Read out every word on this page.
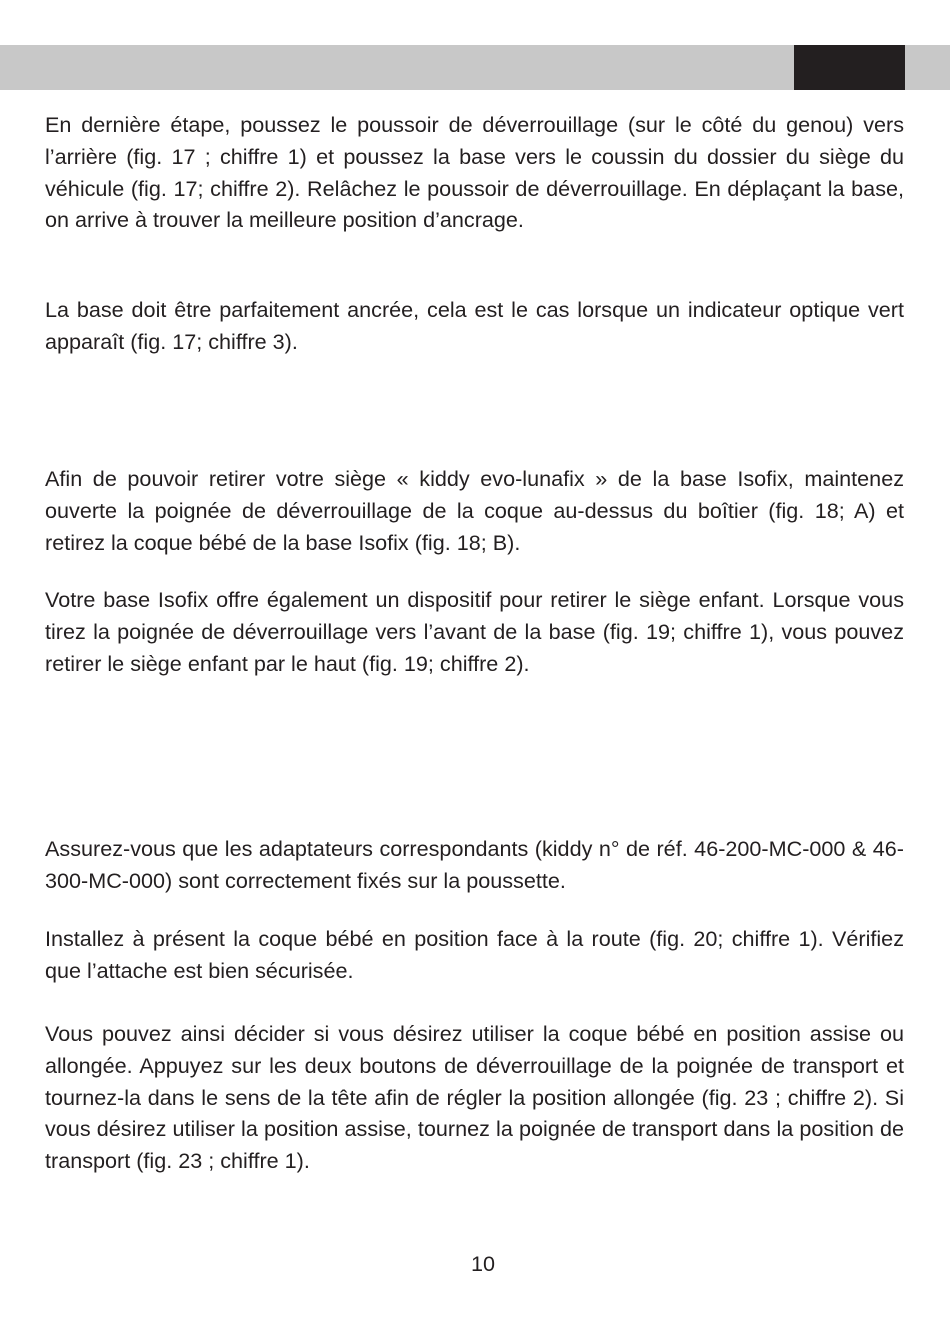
En dernière étape, poussez le poussoir de déverrouillage (sur le côté du genou) vers l’arrière (fig. 17 ; chiffre 1) et poussez la base vers le coussin du dossier du siège du véhicule (fig. 17; chiffre 2). Relâchez le poussoir de déverrouillage. En déplaçant la base, on arrive à trouver la meilleure position d’ancrage.

La base doit être parfaitement ancrée, cela est le cas lorsque un indicateur optique vert apparaît (fig. 17; chiffre 3).

Afin de pouvoir retirer votre siège « kiddy evo-lunafix » de la base Isofix, maintenez ouverte la poignée de déverrouillage de la coque au-dessus du boîtier (fig. 18; A) et retirez la coque bébé de la base Isofix (fig. 18; B).

Votre base Isofix offre également un dispositif pour retirer le siège enfant. Lorsque vous tirez la poignée de déverrouillage vers l’avant de la base (fig. 19; chiffre 1), vous pouvez retirer le siège enfant par le haut (fig. 19; chiffre 2).

Assurez-vous que les adaptateurs correspondants (kiddy n° de réf. 46-200-MC-000 & 46-300-MC-000) sont correctement fixés sur la poussette.

Installez à présent la coque bébé en position face à la route (fig. 20; chiffre 1). Vérifiez que l’attache est bien sécurisée.

Vous pouvez ainsi décider si vous désirez utiliser la coque bébé en position assise ou allongée. Appuyez sur les deux boutons de déverrouillage de la poignée de transport et tournez-la dans le sens de la tête afin de régler la position allongée (fig. 23 ; chiffre 2). Si vous désirez utiliser la position assise, tournez la poignée de transport dans la position de transport (fig. 23 ; chiffre 1).

10
